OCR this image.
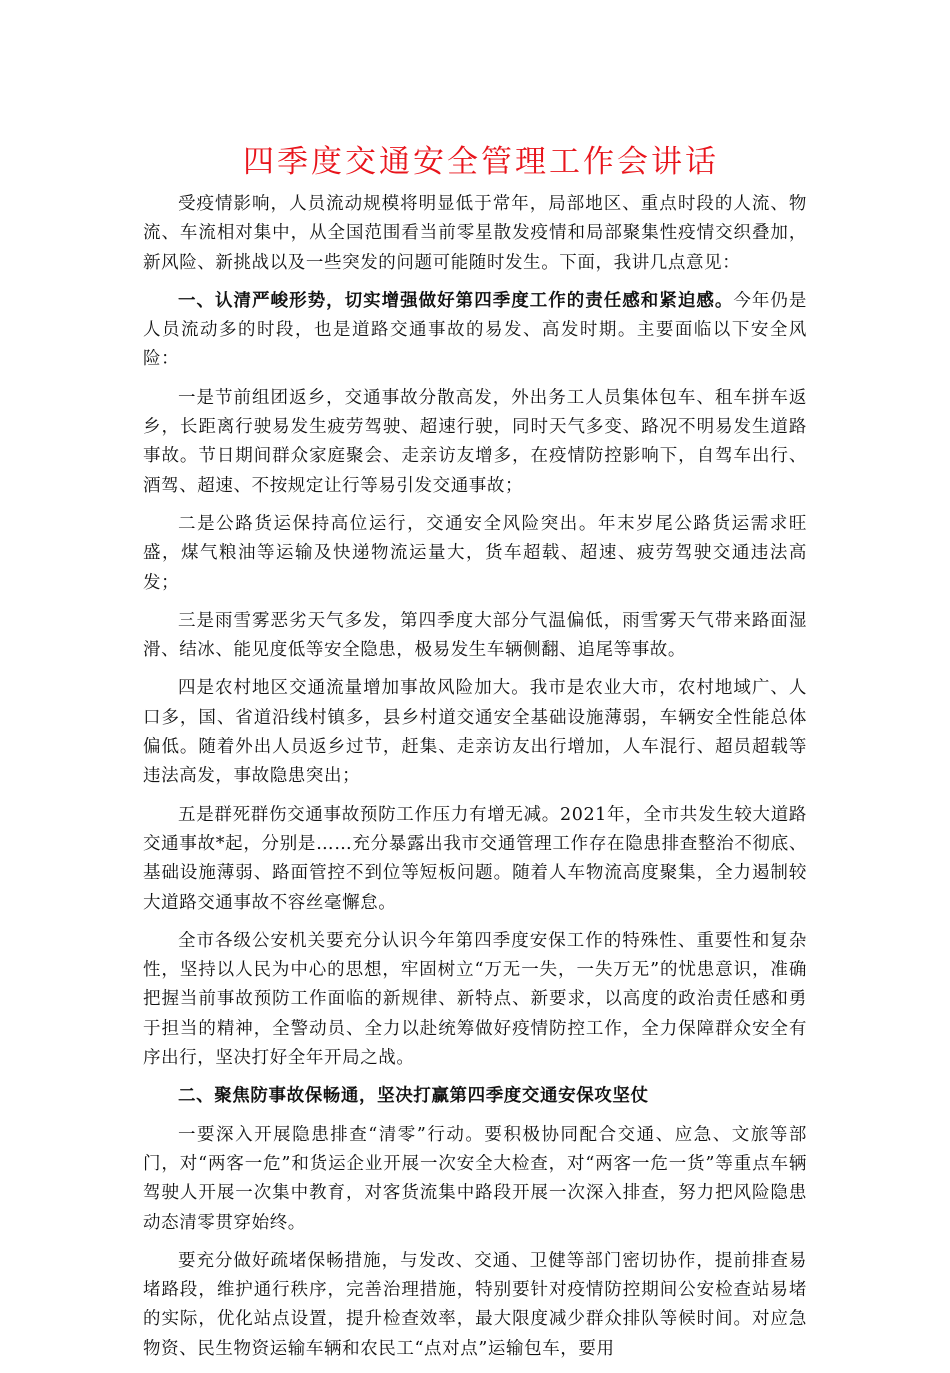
四季度交通安全管理工作会讲话

受疫情影响，人员流动规模将明显低于常年，局部地区、重点时段的人流、物流、车流相对集中，从全国范围看当前零星散发疫情和局部聚集性疫情交织叠加，新风险、新挑战以及一些突发的问题可能随时发生。下面，我讲几点意见：

一、认清严峻形势，切实增强做好第四季度工作的责任感和紧迫感。今年仍是人员流动多的时段，也是道路交通事故的易发、高发时期。主要面临以下安全风险：

一是节前组团返乡，交通事故分散高发，外出务工人员集体包车、租车拼车返乡，长距离行驶易发生疲劳驾驶、超速行驶，同时天气多变、路况不明易发生道路事故。节日期间群众家庭聚会、走亲访友增多，在疫情防控影响下，自驾车出行、酒驾、超速、不按规定让行等易引发交通事故；

二是公路货运保持高位运行，交通安全风险突出。年末岁尾公路货运需求旺盛，煤气粮油等运输及快递物流运量大，货车超载、超速、疲劳驾驶交通违法高发；

三是雨雪雾恶劣天气多发，第四季度大部分气温偏低，雨雪雾天气带来路面湿滑、结冰、能见度低等安全隐患，极易发生车辆侧翻、追尾等事故。

四是农村地区交通流量增加事故风险加大。我市是农业大市，农村地域广、人口多，国、省道沿线村镇多，县乡村道交通安全基础设施薄弱，车辆安全性能总体偏低。随着外出人员返乡过节，赶集、走亲访友出行增加，人车混行、超员超载等违法高发，事故隐患突出；

五是群死群伤交通事故预防工作压力有增无减。2021年，全市共发生较大道路交通事故*起，分别是……充分暴露出我市交通管理工作存在隐患排查整治不彻底、基础设施薄弱、路面管控不到位等短板问题。随着人车物流高度聚集，全力遏制较大道路交通事故不容丝毫懈怠。

全市各级公安机关要充分认识今年第四季度安保工作的特殊性、重要性和复杂性，坚持以人民为中心的思想，牢固树立“万无一失，一失万无”的忧患意识，准确把握当前事故预防工作面临的新规律、新特点、新要求，以高度的政治责任感和勇于担当的精神，全警动员、全力以赴统筹做好疫情防控工作，全力保障群众安全有序出行，坚决打好全年开局之战。

二、聚焦防事故保畅通，坚决打赢第四季度交通安保攻坚仗

一要深入开展隐患排查“清零”行动。要积极协同配合交通、应急、文旅等部门，对“两客一危”和货运企业开展一次安全大检查，对“两客一危一货”等重点车辆驾驶人开展一次集中教育，对客货流集中路段开展一次深入排查，努力把风险隐患动态清零贯穿始终。

要充分做好疏堵保畅措施，与发改、交通、卫健等部门密切协作，提前排查易堵路段，维护通行秩序，完善治理措施，特别要针对疫情防控期间公安检查站易堵的实际，优化站点设置，提升检查效率，最大限度减少群众排队等候时间。对应急物资、民生物资运输车辆和农民工“点对点”运输包车，要用
